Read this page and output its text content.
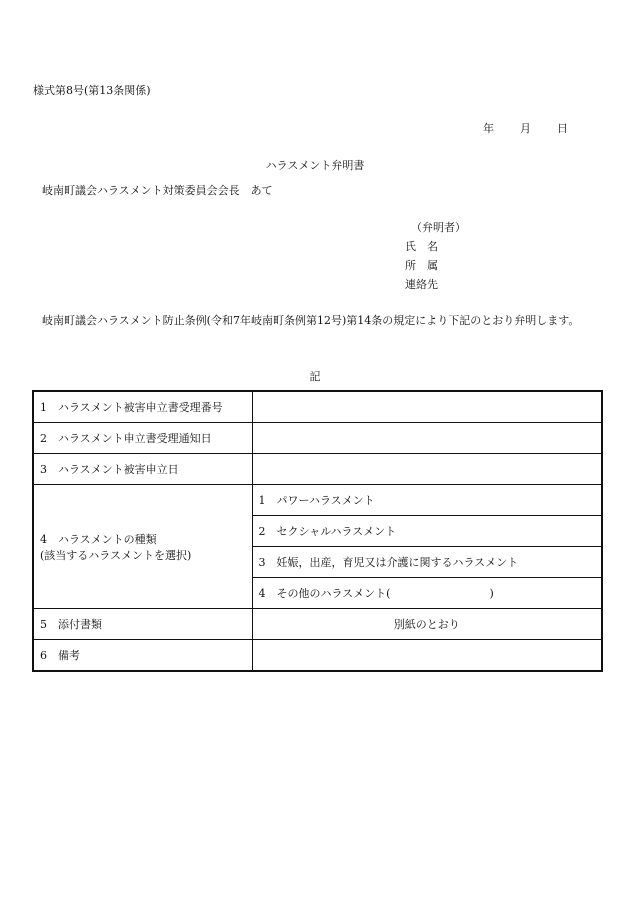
様式第8号(第13条関係)
年 月 日
ハラスメント弁明書
岐南町議会ハラスメント対策委員会会長　あて
（弁明者）
氏　名
所　属
連絡先
岐南町議会ハラスメント防止条例(令和7年岐南町条例第12号)第14条の規定により下記のとおり弁明します。
記
1　ハラスメント被害申立書受理番号	
2　ハラスメント申立書受理通知日	
3　ハラスメント被害申立日	

4　ハラスメントの種類
(該当するハラスメントを選択)	1　パワーハラスメント
	2　セクシャルハラスメント
	3　妊娠，出産，育児又は介護に関するハラスメント
	4　その他のハラスメント(　　　　　　　　　)
5　添付書類	別紙のとおり
6　備考	
